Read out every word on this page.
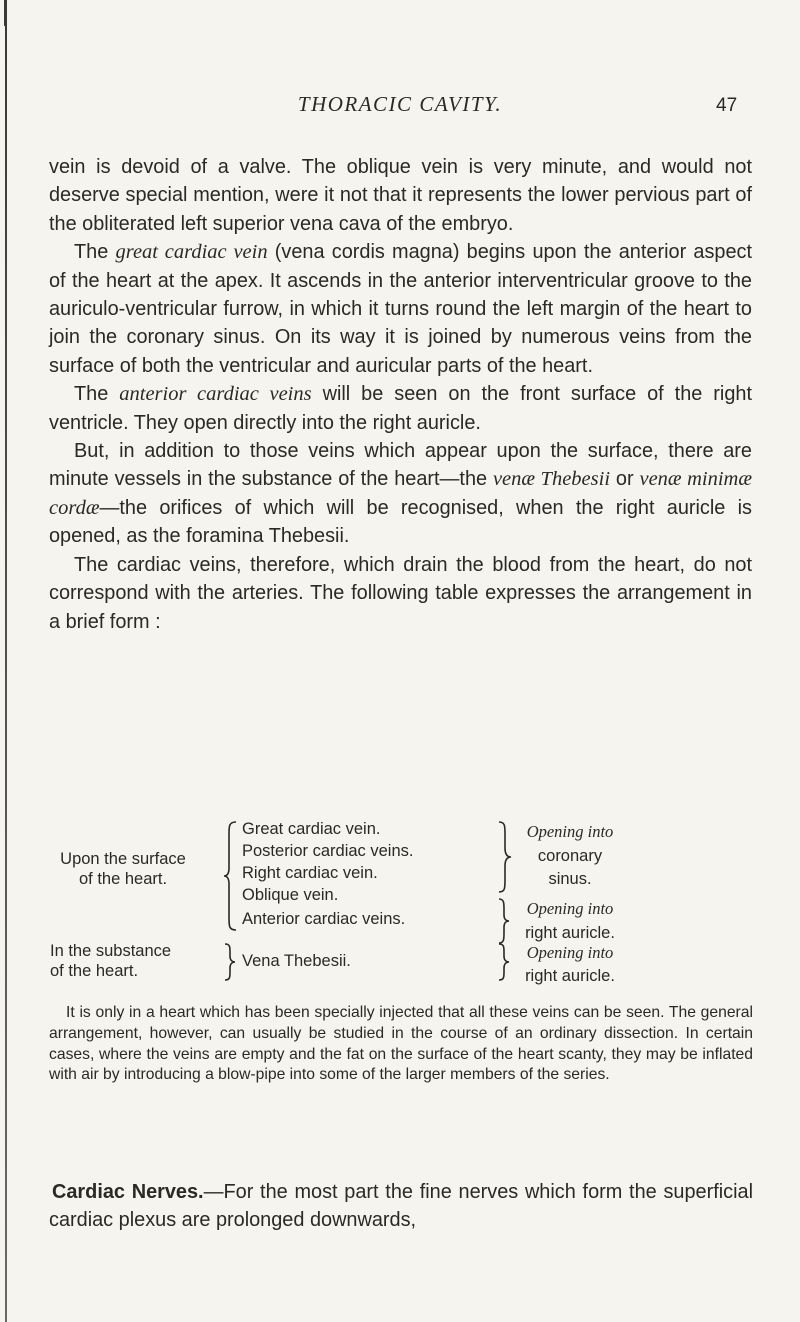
THORACIC CAVITY.	47

vein is devoid of a valve. The oblique vein is very minute, and would not deserve special mention, were it not that it represents the lower pervious part of the obliterated left superior vena cava of the embryo.

The great cardiac vein (vena cordis magna) begins upon the anterior aspect of the heart at the apex. It ascends in the anterior interventricular groove to the auriculo-ventricular furrow, in which it turns round the left margin of the heart to join the coronary sinus. On its way it is joined by numerous veins from the surface of both the ventricular and auricular parts of the heart.

The anterior cardiac veins will be seen on the front surface of the right ventricle. They open directly into the right auricle.

But, in addition to those veins which appear upon the surface, there are minute vessels in the substance of the heart—the venæ Thebesii or venæ minimæ cordæ—the orifices of which will be recognised, when the right auricle is opened, as the foramina Thebesii.

The cardiac veins, therefore, which drain the blood from the heart, do not correspond with the arteries. The following table expresses the arrangement in a brief form :

Upon the surface
of the heart.
Great cardiac vein.
Posterior cardiac veins.
Right cardiac vein.
Oblique vein.
Anterior cardiac veins.
Opening into
coronary
sinus.
Opening into
right auricle.
In the substance
of the heart.
Vena Thebesii.	Opening into
right auricle.

It is only in a heart which has been specially injected that all these veins can be seen. The general arrangement, however, can usually be studied in the course of an ordinary dissection. In certain cases, where the veins are empty and the fat on the surface of the heart scanty, they may be inflated with air by introducing a blow-pipe into some of the larger members of the series.

Cardiac Nerves.—For the most part the fine nerves which form the superficial cardiac plexus are prolonged downwards,
